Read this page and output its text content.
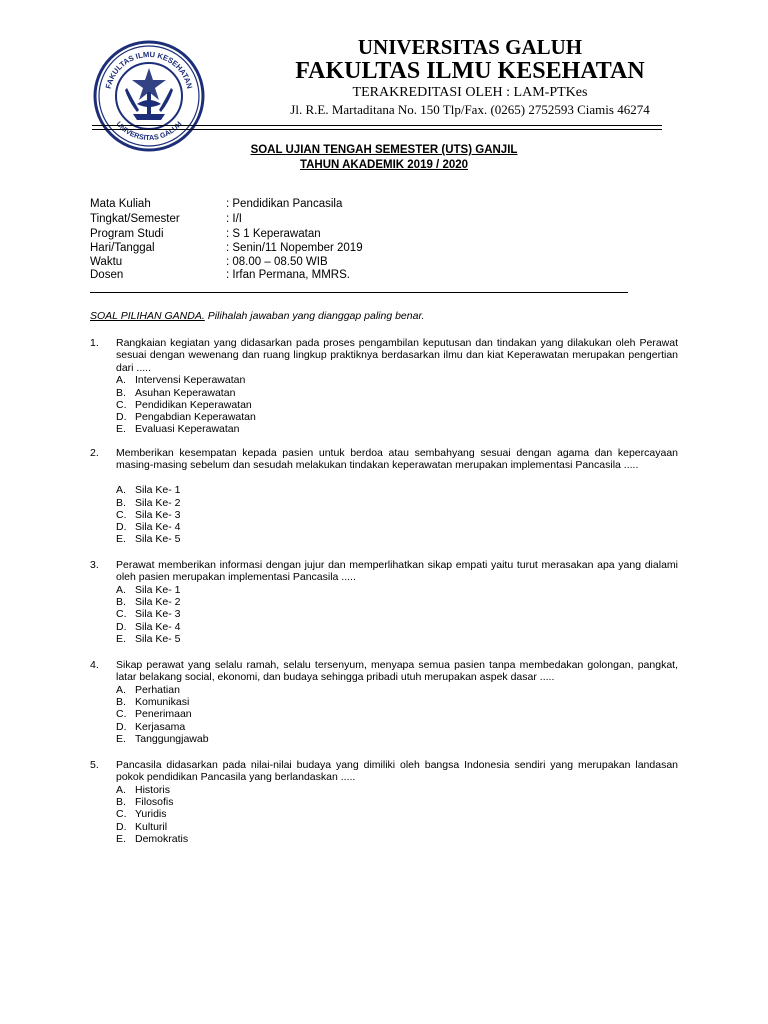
FAKULTAS ILMU KESEHATAN
UNIVERSITAS GALUH
UNIVERSITAS GALUH
FAKULTAS ILMU KESEHATAN
TERAKREDITASI OLEH : LAM-PTKes
Jl. R.E. Martaditana No. 150 Tlp/Fax. (0265) 2752593 Ciamis 46274
SOAL UJIAN TENGAH SEMESTER (UTS) GANJIL
TAHUN AKADEMIK 2019 / 2020
Mata Kuliah	: Pendidikan Pancasila
Tingkat/Semester	: I/I
Program Studi	: S 1 Keperawatan
Hari/Tanggal	: Senin/11 Nopember 2019
Waktu	: 08.00 – 08.50 WIB
Dosen	: Irfan Permana, MMRS.
SOAL PILIHAN GANDA. Pilihalah jawaban yang dianggap paling benar.
1. Rangkaian kegiatan yang didasarkan pada proses pengambilan keputusan dan tindakan yang dilakukan oleh Perawat sesuai dengan wewenang dan ruang lingkup praktiknya berdasarkan ilmu dan kiat Keperawatan merupakan pengertian dari .....
A. Intervensi Keperawatan
B. Asuhan Keperawatan
C. Pendidikan Keperawatan
D. Pengabdian Keperawatan
E. Evaluasi Keperawatan
2. Memberikan kesempatan kepada pasien untuk berdoa atau sembahyang sesuai dengan agama dan kepercayaan masing-masing sebelum dan sesudah melakukan tindakan keperawatan merupakan implementasi Pancasila .....
A. Sila Ke- 1
B. Sila Ke- 2
C. Sila Ke- 3
D. Sila Ke- 4
E. Sila Ke- 5
3. Perawat memberikan informasi dengan jujur dan memperlihatkan sikap empati yaitu turut merasakan apa yang dialami oleh pasien merupakan implementasi Pancasila .....
A. Sila Ke- 1
B. Sila Ke- 2
C. Sila Ke- 3
D. Sila Ke- 4
E. Sila Ke- 5
4. Sikap perawat yang selalu ramah, selalu tersenyum, menyapa semua pasien tanpa membedakan golongan, pangkat, latar belakang social, ekonomi, dan budaya sehingga pribadi utuh merupakan aspek dasar .....
A. Perhatian
B. Komunikasi
C. Penerimaan
D. Kerjasama
E. Tanggungjawab
5. Pancasila didasarkan pada nilai-nilai budaya yang dimiliki oleh bangsa Indonesia sendiri yang merupakan landasan pokok pendidikan Pancasila yang berlandaskan .....
A. Historis
B. Filosofis
C. Yuridis
D. Kulturil
E. Demokratis
